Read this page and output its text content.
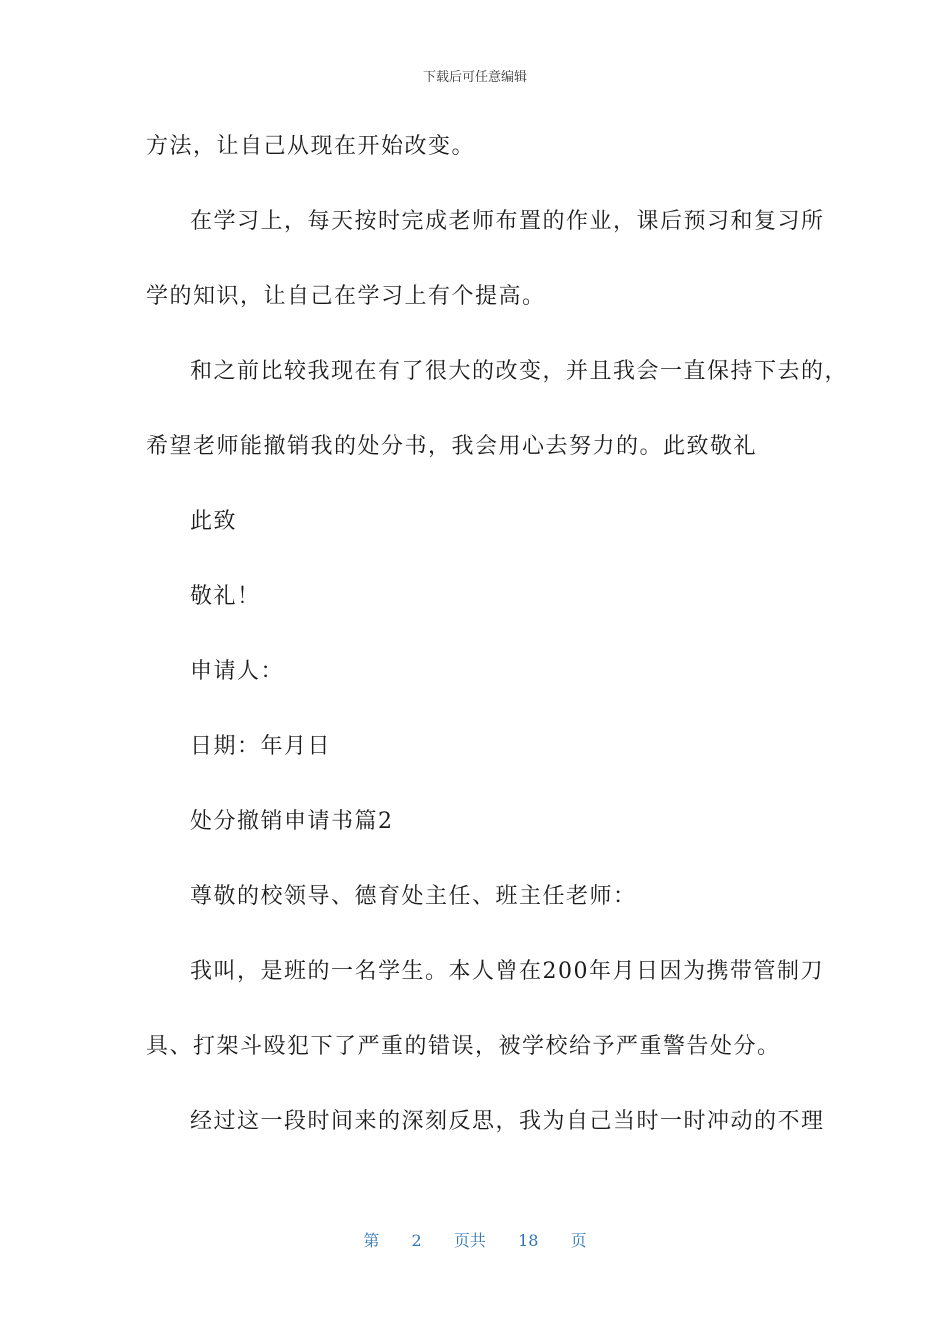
下载后可任意编辑
方法，让自己从现在开始改变。
在学习上，每天按时完成老师布置的作业，课后预习和复习所
学的知识，让自己在学习上有个提高。
和之前比较我现在有了很大的改变，并且我会一直保持下去的，
希望老师能撤销我的处分书，我会用心去努力的。此致敬礼
此致
敬礼！
申请人：
日期：年月日
处分撤销申请书篇2
尊敬的校领导、德育处主任、班主任老师：
我叫，是班的一名学生。本人曾在200年月日因为携带管制刀
具、打架斗殴犯下了严重的错误，被学校给予严重警告处分。
经过这一段时间来的深刻反思，我为自己当时一时冲动的不理
第 2 页共 18 页
